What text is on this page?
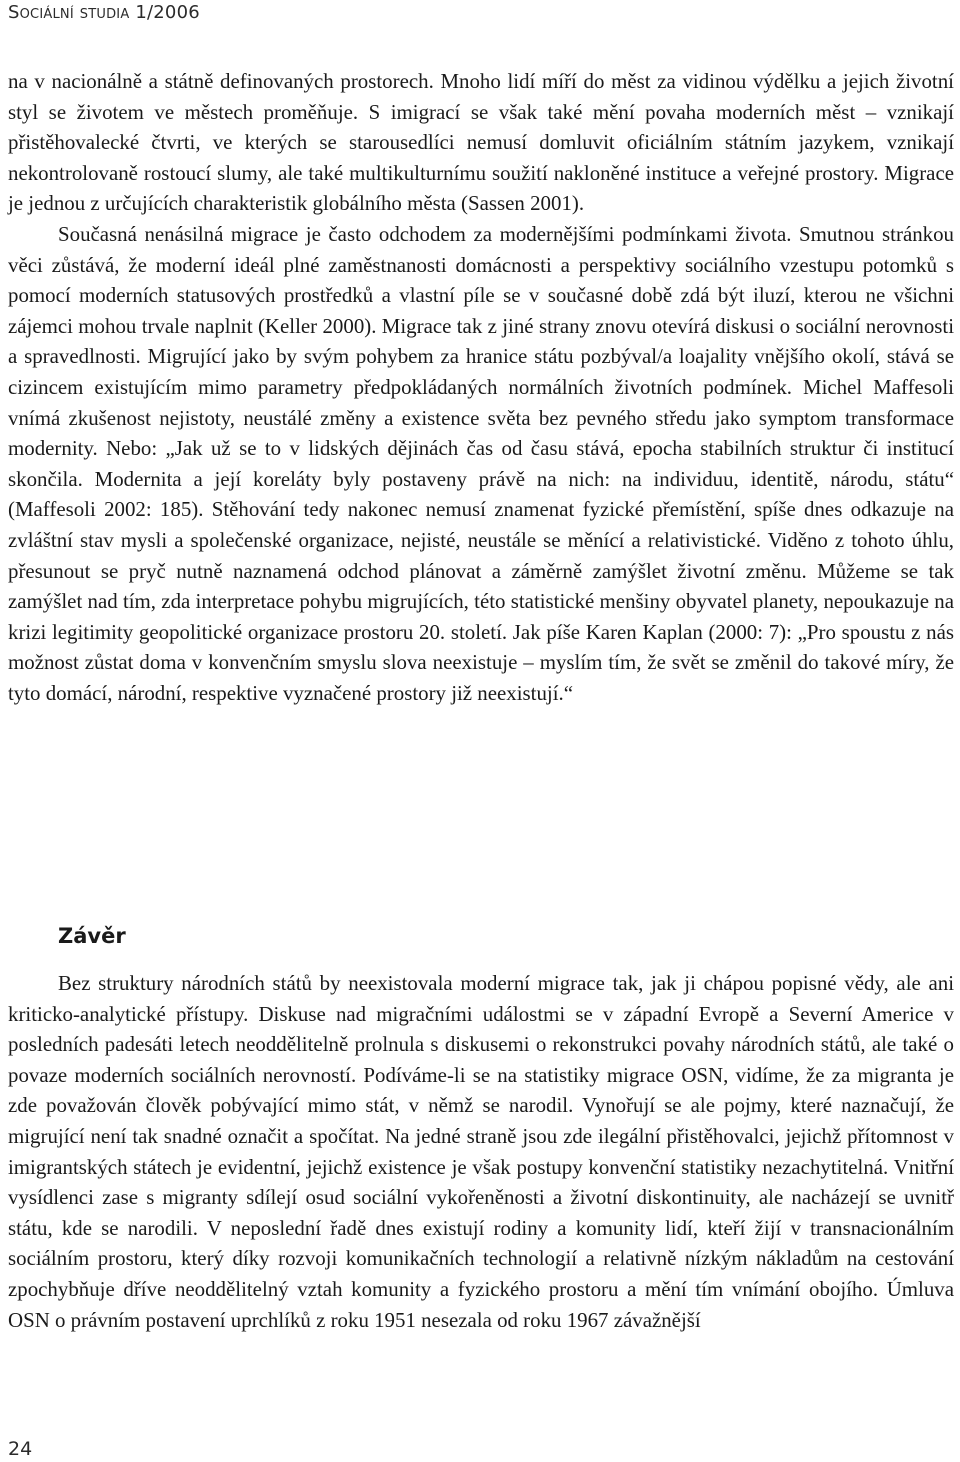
Sociální studia 1/2006

na v nacionálně a státně definovaných prostorech. Mnoho lidí míří do měst za vidinou výdělku a jejich životní styl se životem ve městech proměňuje. S imigrací se však také mění povaha moderních měst – vznikají přistěhovalecké čtvrti, ve kterých se starousedlíci nemusí domluvit oficiálním státním jazykem, vznikají nekontrolovaně rostoucí slumy, ale také multikulturnímu soužití nakloněné instituce a veřejné prostory. Migrace je jednou z určujících charakteristik globálního města (Sassen 2001).

Současná nenásilná migrace je často odchodem za modernějšími podmínkami života. Smutnou stránkou věci zůstává, že moderní ideál plné zaměstnanosti domácnosti a perspektivy sociálního vzestupu potomků s pomocí moderních statusových prostředků a vlastní píle se v současné době zdá být iluzí, kterou ne všichni zájemci mohou trvale naplnit (Keller 2000). Migrace tak z jiné strany znovu otevírá diskusi o sociální nerovnosti a spravedlnosti. Migrující jako by svým pohybem za hranice státu pozbýval/a loajality vnějšího okolí, stává se cizincem existujícím mimo parametry předpokládaných normálních životních podmínek. Michel Maffesoli vnímá zkušenost nejistoty, neustálé změny a existence světa bez pevného středu jako symptom transformace modernity. Nebo: „Jak už se to v lidských dějinách čas od času stává, epocha stabilních struktur či institucí skončila. Modernita a její koreláty byly postaveny právě na nich: na individuu, identitě, národu, státu“ (Maffesoli 2002: 185). Stěhování tedy nakonec nemusí znamenat fyzické přemístění, spíše dnes odkazuje na zvláštní stav mysli a společenské organizace, nejisté, neustále se měnící a relativistické. Viděno z tohoto úhlu, přesunout se pryč nutně naznamená odchod plánovat a záměrně zamýšlet životní změnu. Můžeme se tak zamýšlet nad tím, zda interpretace pohybu migrujících, této statistické menšiny obyvatel planety, nepoukazuje na krizi legitimity geopolitické organizace prostoru 20. století. Jak píše Karen Kaplan (2000: 7): „Pro spoustu z nás možnost zůstat doma v konvenčním smyslu slova neexistuje – myslím tím, že svět se změnil do takové míry, že tyto domácí, národní, respektive vyznačené prostory již neexistují.“

Závěr

Bez struktury národních států by neexistovala moderní migrace tak, jak ji chápou popisné vědy, ale ani kriticko-analytické přístupy. Diskuse nad migračními událostmi se v západní Evropě a Severní Americe v posledních padesáti letech neoddělitelně prolnula s diskusemi o rekonstrukci povahy národních států, ale také o povaze moderních sociálních nerovností. Podíváme-li se na statistiky migrace OSN, vidíme, že za migranta je zde považován člověk pobývající mimo stát, v němž se narodil. Vynořují se ale pojmy, které naznačují, že migrující není tak snadné označit a spočítat. Na jedné straně jsou zde ilegální přistěhovalci, jejichž přítomnost v imigrantských státech je evidentní, jejichž existence je však postupy konvenční statistiky nezachytitelná. Vnitřní vysídlenci zase s migranty sdílejí osud sociální vykořeněnosti a životní diskontinuity, ale nacházejí se uvnitř státu, kde se narodili. V neposlední řadě dnes existují rodiny a komunity lidí, kteří žijí v transnacionálním sociálním prostoru, který díky rozvoji komunikačních technologií a relativně nízkým nákladům na cestování zpochybňuje dříve neoddělitelný vztah komunity a fyzického prostoru a mění tím vnímání obojího. Úmluva OSN o právním postavení uprchlíků z roku 1951 nesezala od roku 1967 závažnější

24
